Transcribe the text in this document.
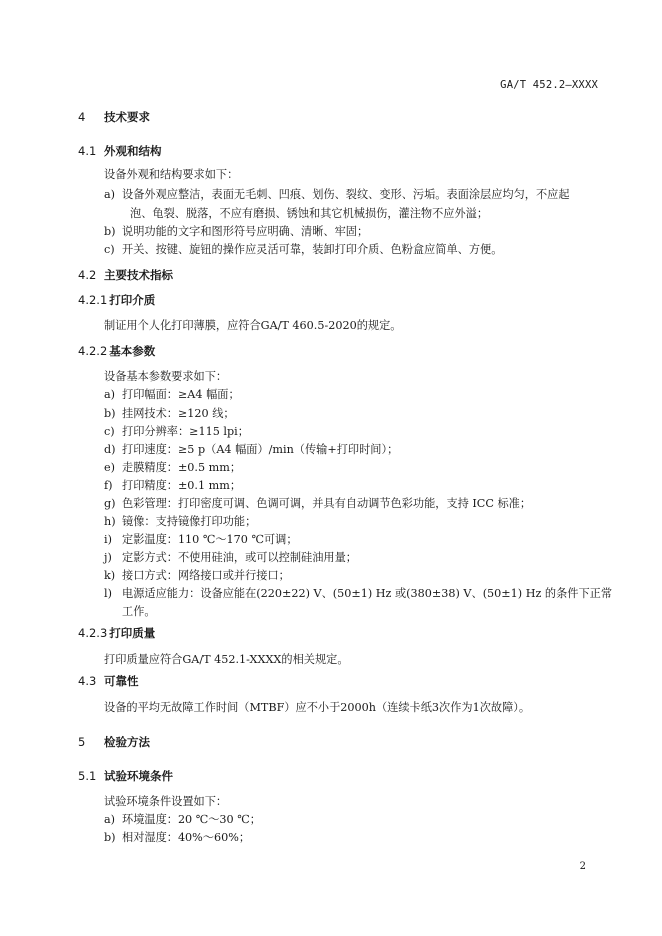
GA/T 452.2—XXXX
4 技术要求
4.1 外观和结构
设备外观和结构要求如下：
a) 设备外观应整洁，表面无毛刺、凹痕、划伤、裂纹、变形、污垢。表面涂层应均匀，不应起
泡、龟裂、脱落，不应有磨损、锈蚀和其它机械损伤，灌注物不应外溢；
b) 说明功能的文字和图形符号应明确、清晰、牢固；
c) 开关、按键、旋钮的操作应灵活可靠，装卸打印介质、色粉盒应简单、方便。
4.2 主要技术指标
4.2.1 打印介质
制证用个人化打印薄膜，应符合GA/T 460.5-2020的规定。
4.2.2 基本参数
设备基本参数要求如下：
a) 打印幅面：≥A4 幅面；
b) 挂网技术：≥120 线；
c) 打印分辨率：≥115 lpi；
d) 打印速度：≥5 p（A4 幅面）/min（传输+打印时间）；
e) 走膜精度：±0.5 mm；
f) 打印精度：±0.1 mm；
g) 色彩管理：打印密度可调、色调可调，并具有自动调节色彩功能，支持 ICC 标准；
h) 镜像：支持镜像打印功能；
i) 定影温度：110 ℃～170 ℃可调；
j) 定影方式：不使用硅油，或可以控制硅油用量；
k) 接口方式：网络接口或并行接口；
l) 电源适应能力：设备应能在(220±22) V、(50±1) Hz 或(380±38) V、(50±1) Hz 的条件下正常
工作。
4.2.3 打印质量
打印质量应符合GA/T 452.1-XXXX的相关规定。
4.3 可靠性
设备的平均无故障工作时间（MTBF）应不小于2000h（连续卡纸3次作为1次故障）。
5 检验方法
5.1 试验环境条件
试验环境条件设置如下：
a) 环境温度：20 ℃～30 ℃；
b) 相对湿度：40%～60%；
2
